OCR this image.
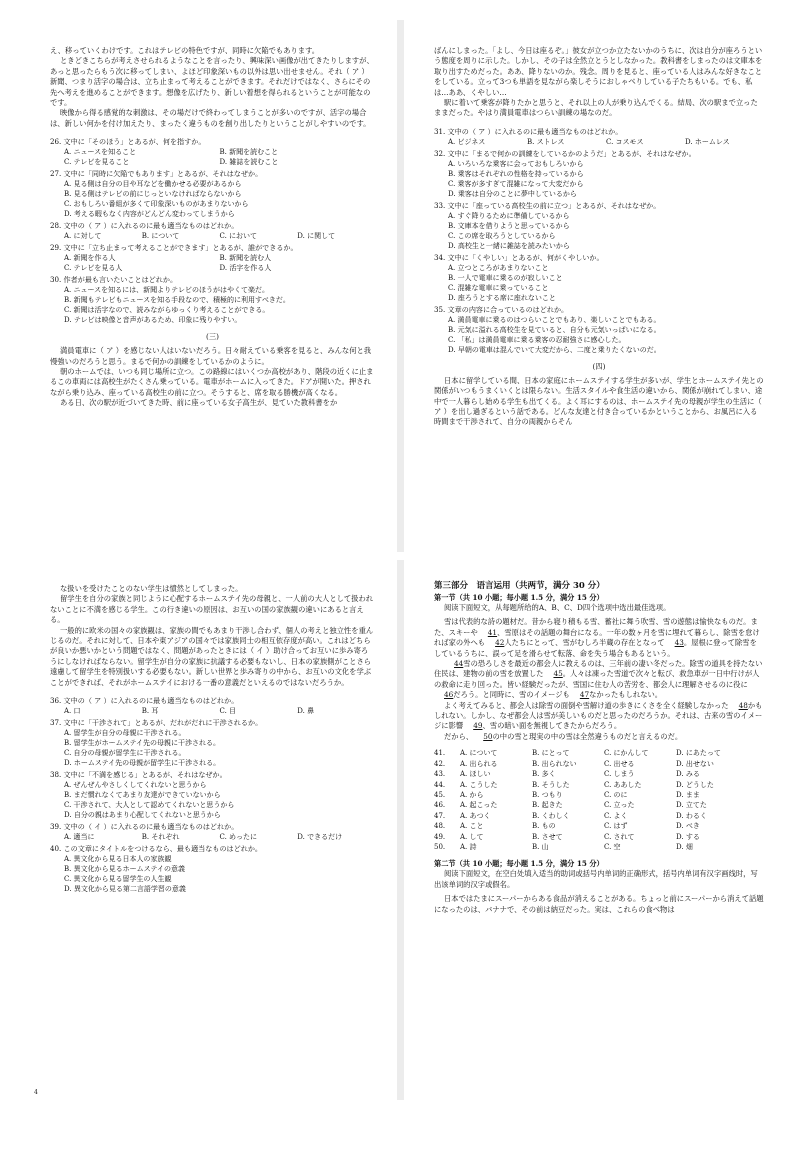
え、移っていくわけです。これはテレビの特色ですが、同時に欠陥でもあります。

ときどきこちらが考えさせられるようなことを言ったり、興味深い画像が出てきたりしますが、あっと思ったらもう次に移ってしまい、よほど印象深いもの以外は思い出せません。それ（ ア ）新聞、つまり活字の場合は、立ち止まって考えることができます。それだけではなく、さらにその先へ考えを進めることができます。想像を広げたり、新しい着想を得られるということが可能なのです。

映像から得る感覚的な刺激は、その場だけで終わってしまうことが多いのですが、活字の場合は、新しい何かを付け加えたり、まったく違うものを創り出したりということがしやすいのです。

26. 文中に「そのほう」とあるが、何を指すか。

A. ニュースを知ること	B. 新聞を読むこと
C. テレビを見ること	D. 雑誌を読むこと

27. 文中に「同時に欠陥でもあります」とあるが、それはなぜか。

A. 見る側は自分の目や耳などを働かせる必要があるから
B. 見る側はテレビの前にじっといなければならないから
C. おもしろい番組が多くて印象深いものがあまりないから
D. 考える暇もなく内容がどんどん変わってしまうから

28. 文中の（ ア ）に入れるのに最も適当なものはどれか。

A. に対して	B. について	C. において	D. に関して

29. 文中に「立ち止まって考えることができます」とあるが、誰ができるか。

A. 新聞を作る人	B. 新聞を読む人
C. テレビを見る人	D. 活字を作る人

30. 作者が最も言いたいことはどれか。

A. ニュースを知るには、新聞よりテレビのほうがはやくて楽だ。
B. 新聞もテレビもニュースを知る手段なので、積極的に利用すべきだ。
C. 新聞は活字なので、読みながらゆっくり考えることができる。
D. テレビは映像と音声があるため、印象に残りやすい。
(三)

満員電車に（ ア ）を感じない人はいないだろう。日々耐えている乗客を見ると、みんな何と我慢強いのだろうと思う。まるで何かの訓練をしているかのように。

朝のホームでは、いつも同じ場所に立つ。この路線にはいくつか高校があり、階段の近くに止まるこの車両には高校生がたくさん乗っている。電車がホームに入ってきた。ドアが開いた。押されながら乗り込み、座っている高校生の前に立つ。そうすると、席を取る勝機が高くなる。

ある日、次の駅が近づいてきた時、前に座っている女子高生が、見ていた教科書をか

ばんにしまった。「よし、今日は座るぞ。」彼女が立つか立たないかのうちに、次は自分が座ろうという態度を周りに示した。しかし、その子は全然立とうとしなかった。教科書をしまったのは文庫本を取り出すためだった。ああ、降りないのか。残念。周りを見ると、座っている人はみんな好きなことをしている。立って3つも単語を見ながら楽しそうにおしゃべりしている子たちもいる。でも、私は…ああ、くやしい…

駅に着いて乗客が降りたかと思うと、それ以上の人が乗り込んでくる。結局、次の駅まで立ったままだった。やはり満員電車はつらい訓練の場なのだ。

31. 文中の（ ア ）に入れるのに最も適当なものはどれか。

A. ビジネス	B. ストレス	C. コスモス	D. ホームレス

32. 文中に「まるで何かの訓練をしているかのようだ」とあるが、それはなぜか。

A. いろいろな乗客に会っておもしろいから
B. 乗客はそれぞれの性格を持っているから
C. 乗客が多すぎて混雑になって大変だから
D. 乗客は自分のことに夢中しているから

33. 文中に「座っている高校生の前に立つ」とあるが、それはなぜか。

A. すぐ降りるために準備しているから
B. 文庫本を借りようと思っているから
C. この席を取ろうとしているから
D. 高校生と一緒に雑誌を読みたいから

34. 文中に「くやしい」とあるが、何がくやしいか。

A. 立つところがあまりないこと
B. 一人で電車に乗るのが寂しいこと
C. 混雑な電車に乗っていること
D. 座ろうとする席に座れないこと

35. 文章の内容に合っているのはどれか。

A. 満員電車に乗るのはつらいことでもあり、楽しいことでもある。
B. 元気に溢れる高校生を見ていると、自分も元気いっぱいになる。
C. 「私」は満員電車に乗る乗客の忍耐強さに感心した。
D. 早朝の電車は混んでいて大変だから、二度と乗りたくないのだ。
(四)

日本に留学している間、日本の家庭にホームステイする学生が多いが、学生とホームステイ先との関係がいつもうまくいくとは限らない。生活スタイルや食生活の違いから、関係が崩れてしまい、途中で一人暮らし始める学生も出てくる。よく耳にするのは、ホームステイ先の母親が学生の生活に（ ア ）を出し過ぎるという話である。どんな友達と付き合っているかということから、お風呂に入る時間まで干渉されて、自分の両親からそん

な扱いを受けたことのない学生は憤然としてしまった。

留学生を自分の家族と同じように心配するホームステイ先の母親と、一人前の大人として扱われないことに不満を感じる学生。この行き違いの原因は、お互いの国の家族観の違いにあると言える。

一般的に欧米の国々の家族観は、家族の間でもあまり干渉し合わず、個人の考えと独立性を重んじるのだ。それに対して、日本や東アジアの国々では家族同士の相互依存度が高い。これはどちらが良いか悪いかという問題ではなく、問題があったときには（ イ ）助け合ってお互いに歩み寄ろうにしなければならない。留学生が自分の家族に抗議する必要もないし、日本の家族側がことさら遠慮して留学生を特別扱いする必要もない。新しい世界と歩み寄りの中から、お互いの文化を学ぶことができれば、それがホームステイにおける一番の意義だといえるのではないだろうか。

36. 文中の（ ア ）に入れるのに最も適当なものはどれか。

A. 口	B. 耳	C. 目	D. 鼻

37. 文中に「干渉されて」とあるが、だれがだれに干渉されるか。

A. 留学生が自分の母親に干渉される。
B. 留学生がホームステイ先の母親に干渉される。
C. 自分の母親が留学生に干渉される。
D. ホームステイ先の母親が留学生に干渉される。

38. 文中に「不満を感じる」とあるが、それはなぜか。

A. ぜんぜんやさしくしてくれないと思うから
B. まだ慣れなくてあまり友達ができていないから
C. 干渉されて、大人として認めてくれないと思うから
D. 自分の親はあまり心配してくれないと思うから

39. 文中の（ イ ）に入れるのに最も適当なものはどれか。

A. 適当に	B. それぞれ	C. めったに	D. できるだけ

40. この文章にタイトルをつけるなら、最も適当なものはどれか。

A. 異文化から見る日本人の家族観
B. 異文化から見るホームステイの意義
C. 異文化から見る留学生の人生観
D. 異文化から見る第二言語学習の意義
4
第三部分　语言运用（共两节，满分 30 分）
第一节（共 10 小题；每小题 1.5 分，满分 15 分）

阅读下面短文，从每题所给的A、B、C、D四个选项中选出最佳选项。

雪は代表的な詩の題材だ。昔から寝り積もる雪、蓄社に舞う吹雪、雪の遊態は愉快なものだ。また、スキーや 41、雪原はその話題の舞台になる。一年の数ヶ月を雪に埋れて暮らし、除雪を怠ければ家の外へも 42人たちにとって、雪がむしろ半蔵の存在となって 43。屋根に登って除雪をしているうちに、誤って足を滑らせて転落、命を失う場合もあるという。

44雪の恐ろしさを最近の都会人に教えるのは、三年前の凄い冬だった。除雪の道具を持たない住民は、建物の前の雪を放置した 45。人々は凍った雪道で次々と転び、救急車が一日中行けが人の救命に走り回った。皆い経験だったが、雪国に住む人の苦労を、都会人に理解させるのに役に46だろう。と同時に、雪のイメージも 47なかったもしれない。

よく考えてみると、都会人は除雪の面倒や雪解け道の歩きにくさを全く経験しなかった 48かもしれない。しかし、なぜ都会人は雪が美しいものだと思ったのだろうか。それは、古来の雪のイメージに影響 49、雪の暗い面を無視してきたからだろう。

だから、 50の中の雪と現実の中の雪は全然違うものだと言えるのだ。

41.	A. について	B. にとって	C. にかんして	D. にあたって
42.	A. 出られる	B. 出られない	C. 出せる	D. 出せない
43.	A. ほしい	B. 多く	C. しまう	D. みる
44.	A. こうした	B. そうした	C. ああした	D. どうした
45.	A. から	B. つもり	C. のに	D. まま
46.	A. 起こった	B. 起きた	C. 立った	D. 立てた
47.	A. あつく	B. くわしく	C. よく	D. わるく
48.	A. こと	B. もの	C. はず	D. べき
49.	A. して	B. させて	C. されて	D. する
50.	A. 詩	B. 山	C. 空	D. 畑
第二节（共 10 小题；每小题 1.5 分，满分 15 分）

阅读下面短文，在空白处填入适当的助词或括号内单词的正确形式，括号内单词有汉字画线时，写出该单词的汉字或假名。

日本ではたまにスーパーからある食品が消えることがある。ちょっと前にスーパーから消えて話題になったのは、バナナで、その前は納豆だった。実は、これらの食べ物は
